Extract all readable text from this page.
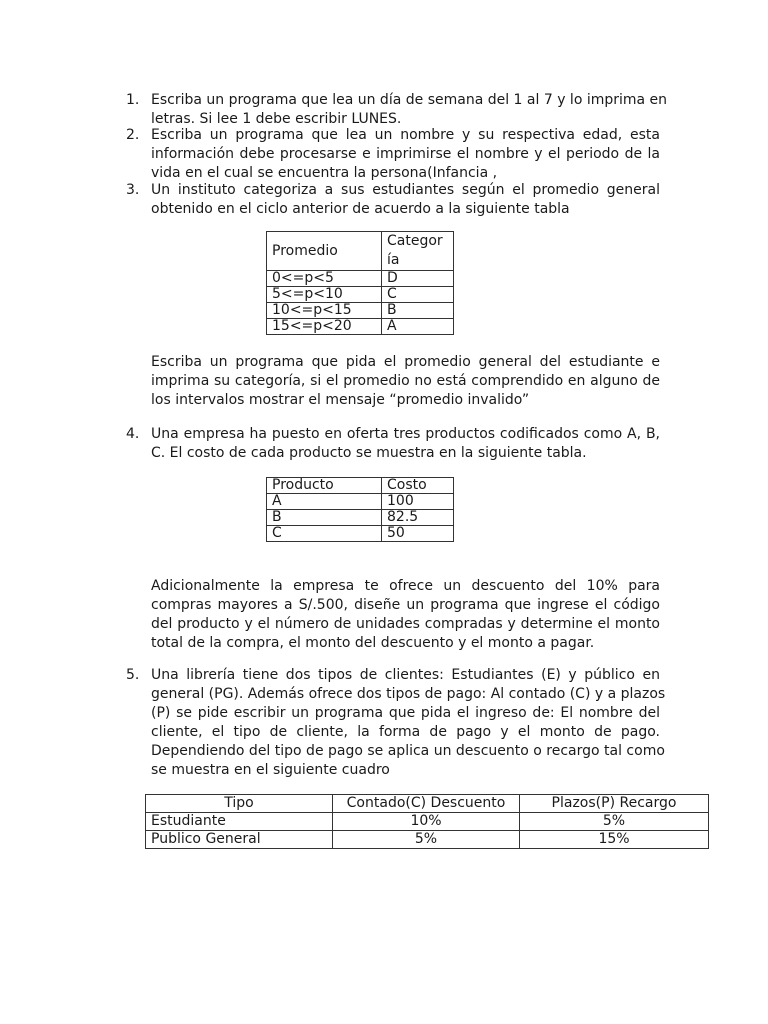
1. Escriba un programa que lea un día de semana del 1 al 7 y lo imprima en
letras. Si lee 1 debe escribir LUNES.
2. Escriba un programa que lea un nombre y su respectiva edad, esta
información debe procesarse e imprimirse el nombre y el periodo de la
vida en el cual se encuentra la persona(Infancia ,
3. Un instituto categoriza a sus estudiantes según el promedio general
obtenido en el ciclo anterior de acuerdo a la siguiente tabla
Promedio	Categor
ía
0<=p<5	D
5<=p<10	C
10<=p<15	B
15<=p<20	A
Escriba un programa que pida el promedio general del estudiante e
imprima su categoría, si el promedio no está comprendido en alguno de
los intervalos mostrar el mensaje “promedio invalido”
4. Una empresa ha puesto en oferta tres productos codificados como A, B,
C. El costo de cada producto se muestra en la siguiente tabla.
Producto	Costo
A	100
B	82.5
C	50
Adicionalmente la empresa te ofrece un descuento del 10% para
compras mayores a S/.500, diseñe un programa que ingrese el código
del producto y el número de unidades compradas y determine el monto
total de la compra, el monto del descuento y el monto a pagar.
5. Una librería tiene dos tipos de clientes: Estudiantes (E) y público en
general (PG). Además ofrece dos tipos de pago: Al contado (C) y a plazos
(P) se pide escribir un programa que pida el ingreso de: El nombre del
cliente, el tipo de cliente, la forma de pago y el monto de pago.
Dependiendo del tipo de pago se aplica un descuento o recargo tal como
se muestra en el siguiente cuadro
Tipo	Contado(C) Descuento	Plazos(P) Recargo
Estudiante	10%	5%
Publico General	5%	15%
